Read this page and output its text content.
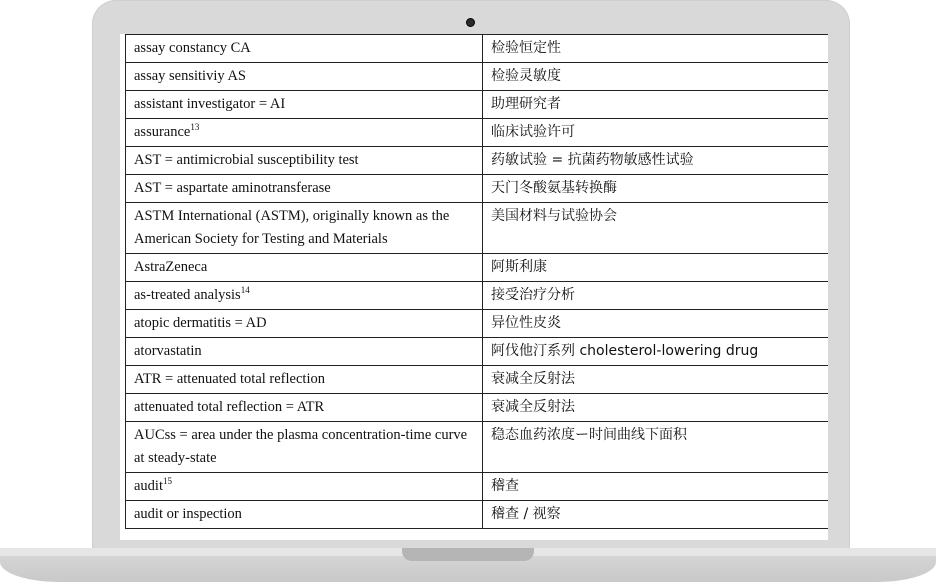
assay constancy CA	检验恒定性
assay sensitiviy AS	检验灵敏度
assistant investigator = AI	助理研究者
assurance$^{13}$	临床试验许可
AST = antimicrobial susceptibility test	药敏试验 = 抗菌药物敏感性试验
AST = aspartate aminotransferase	天门冬酸氨基转换酶
ASTM International (ASTM), originally known as the American Society for Testing and Materials	美国材料与试验协会
AstraZeneca	阿斯利康
as-treated analysis$^{14}$	接受治疗分析
atopic dermatitis = AD	异位性皮炎
atorvastatin	阿伐他汀系列 cholesterol-lowering drug
ATR = attenuated total reflection	衰减全反射法
attenuated total reflection = ATR	衰减全反射法
AUCss = area under the plasma concentration-time curve at steady-state	稳态血药浓度ー时间曲线下面积
audit$^{15}$	稽查
audit or inspection	稽查 / 视察
